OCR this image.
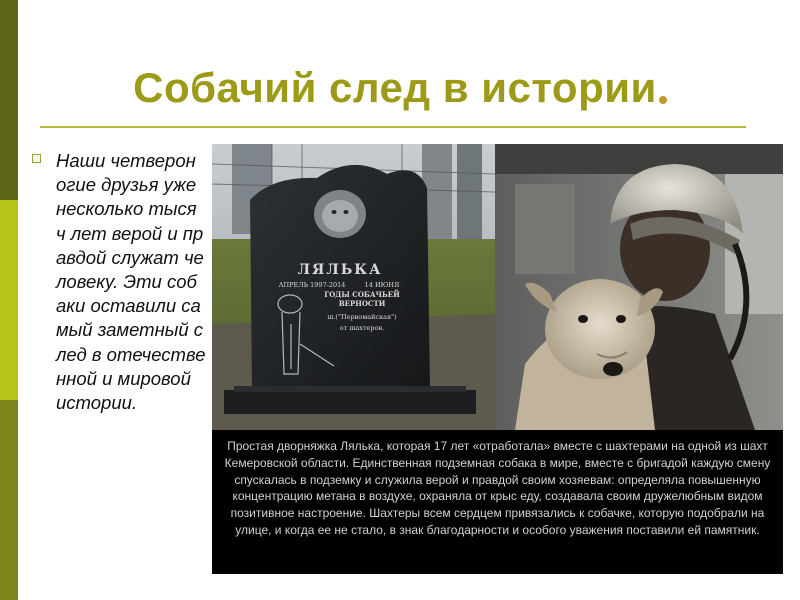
Собачий след в истории
Наши четвероногие друзья уже несколько тысяч лет верой и правдой служат человеку. Эти собаки оставили самый заметный след в отечественной и мировой истории.
ЛЯЛЬКА
АПРЕЛЬ 1997-2014	14 ИЮНЯ
ГОДЫ СОБАЧЬЕЙ
ВЕРНОСТИ
ш.("Первомайская")
от шахтеров.
Простая дворняжка Лялька, которая 17 лет «отработала» вместе с шахтерами на одной из шахт Кемеровской области. Единственная подземная собака в мире, вместе с бригадой каждую смену спускалась в подземку и служила верой и правдой своим хозяевам: определяла повышенную концентрацию метана в воздухе, охраняла от крыс еду, создавала своим дружелюбным видом позитивное настроение. Шахтеры всем сердцем привязались к собачке, которую подобрали на улице, и когда ее не стало, в знак благодарности и особого уважения поставили ей памятник.
